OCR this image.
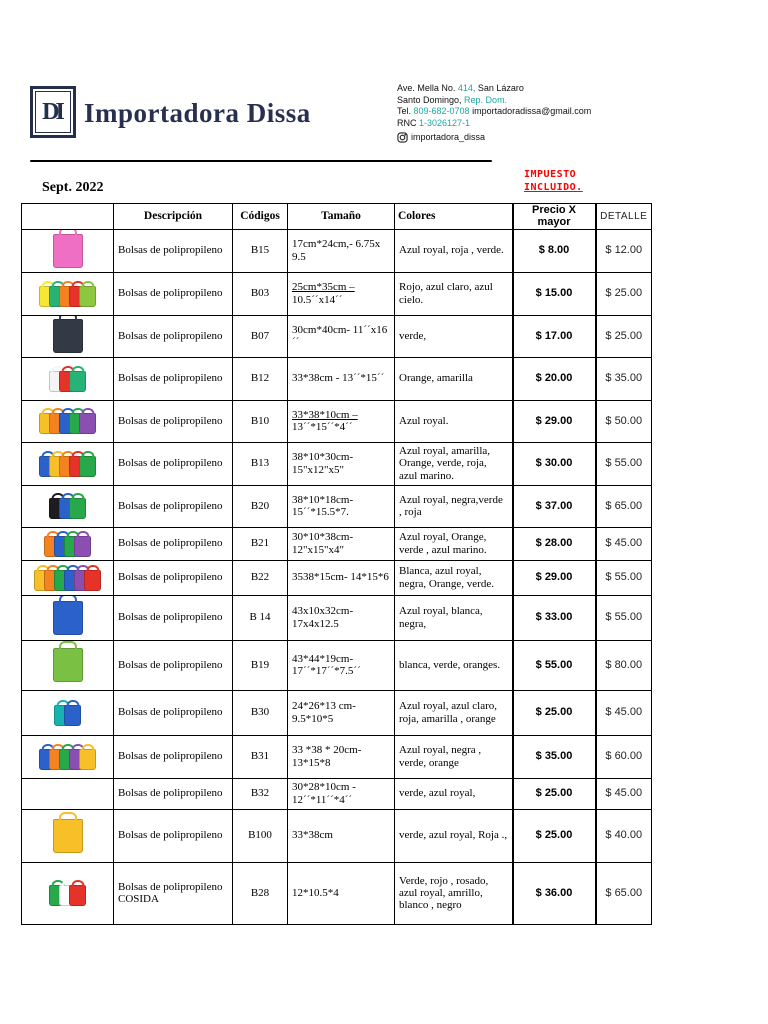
DI Importadora Dissa
Ave. Mella No. 414, San Lázaro
Santo Domingo, Rep. Dom.
Tel. 809-682-0708 importadoradissa@gmail.com
RNC 1-3026127-1
importadora_dissa
Sept. 2022
IMPUESTO
INCLUIDO.
	Descripción	Códigos	Tamaño	Colores	Precio X mayor	DETALLE

	Bolsas de polipropileno	B15	17cm*24cm,- 6.75x
9.5	Azul royal, roja , verde.	$ 8.00	$ 12.00

	Bolsas de polipropileno	B03	25cm*35cm –
10.5´´x14´´	Rojo, azul claro, azul cielo.	$ 15.00	$ 25.00

	Bolsas de polipropileno	B07	30cm*40cm- 11´´x16´´	verde,	$ 17.00	$ 25.00

	Bolsas de polipropileno	B12	33*38cm - 13´´*15´´	Orange, amarilla	$ 20.00	$ 35.00

	Bolsas de polipropileno	B10	33*38*10cm –
13´´*15´´*4´´	Azul royal.	$ 29.00	$ 50.00

	Bolsas de polipropileno	B13	38*10*30cm-
15"x12"x5"	Azul royal, amarilla, Orange, verde, roja, azul marino.	$ 30.00	$ 55.00

	Bolsas de polipropileno	B20	38*10*18cm-
15´´*15.5*7.	Azul royal, negra,verde , roja	$ 37.00	$ 65.00

	Bolsas de polipropileno	B21	30*10*38cm-
12"x15"x4"	Azul royal, Orange, verde , azul marino.	$ 28.00	$ 45.00

	Bolsas de polipropileno	B22	3538*15cm- 14*15*6	Blanca, azul royal, negra, Orange, verde.	$ 29.00	$ 55.00

	Bolsas de polipropileno	B 14	43x10x32cm-
17x4x12.5	Azul royal, blanca, negra,	$ 33.00	$ 55.00

	Bolsas de polipropileno	B19	43*44*19cm-
17´´*17´´*7.5´´	blanca, verde, oranges.	$ 55.00	$ 80.00

	Bolsas de polipropileno	B30	24*26*13 cm-
9.5*10*5	Azul royal, azul claro, roja, amarilla , orange	$ 25.00	$ 45.00

	Bolsas de polipropileno	B31	33 *38 * 20cm-
13*15*8	Azul royal, negra , verde, orange	$ 35.00	$ 60.00

	Bolsas de polipropileno	B32	30*28*10cm -
12´´*11´´*4´´	verde, azul royal,	$ 25.00	$ 45.00

	Bolsas de polipropileno	B100	33*38cm	verde, azul royal, Roja .,	$ 25.00	$ 40.00

	Bolsas de polipropileno COSIDA	B28	12*10.5*4	Verde, rojo , rosado, azul royal, amrillo, blanco , negro	$ 36.00	$ 65.00
